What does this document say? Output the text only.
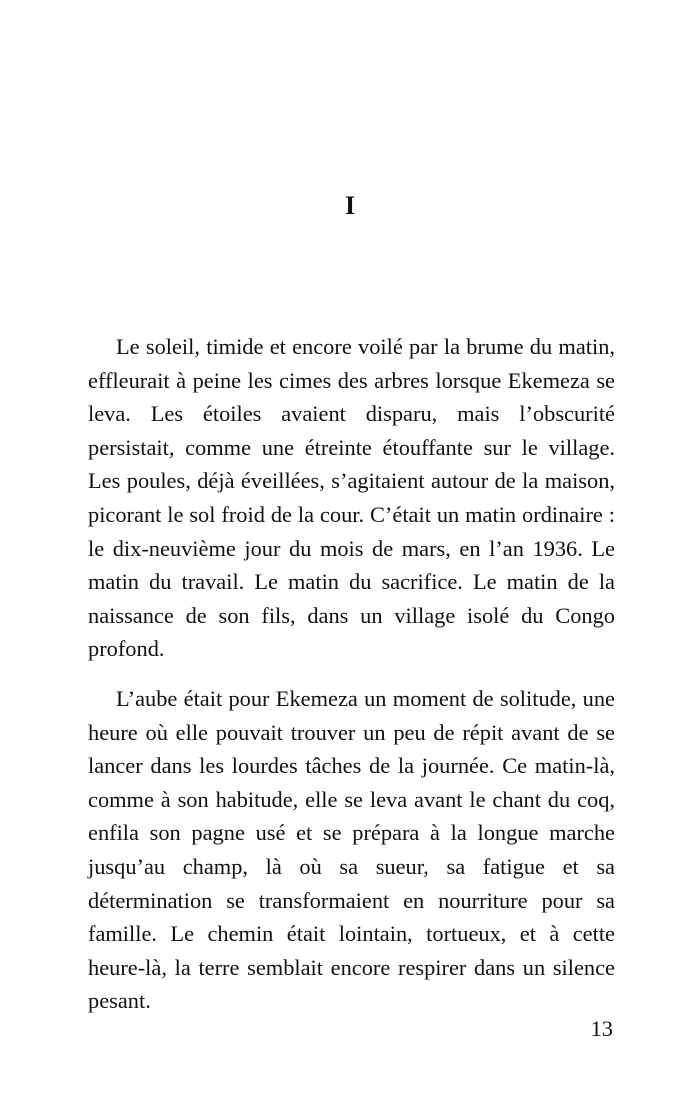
I

Le soleil, timide et encore voilé par la brume du matin, effleurait à peine les cimes des arbres lorsque Ekemeza se leva. Les étoiles avaient disparu, mais l’obscurité persistait, comme une étreinte étouffante sur le village. Les poules, déjà éveillées, s’agitaient autour de la maison, picorant le sol froid de la cour. C’était un matin ordinaire : le dix-neuvième jour du mois de mars, en l’an 1936. Le matin du travail. Le matin du sacrifice. Le matin de la naissance de son fils, dans un village isolé du Congo profond.

L’aube était pour Ekemeza un moment de solitude, une heure où elle pouvait trouver un peu de répit avant de se lancer dans les lourdes tâches de la journée. Ce matin-là, comme à son habitude, elle se leva avant le chant du coq, enfila son pagne usé et se prépara à la longue marche jusqu’au champ, là où sa sueur, sa fatigue et sa détermination se transformaient en nourriture pour sa famille. Le chemin était lointain, tortueux, et à cette heure-là, la terre semblait encore respirer dans un silence pesant.

13
